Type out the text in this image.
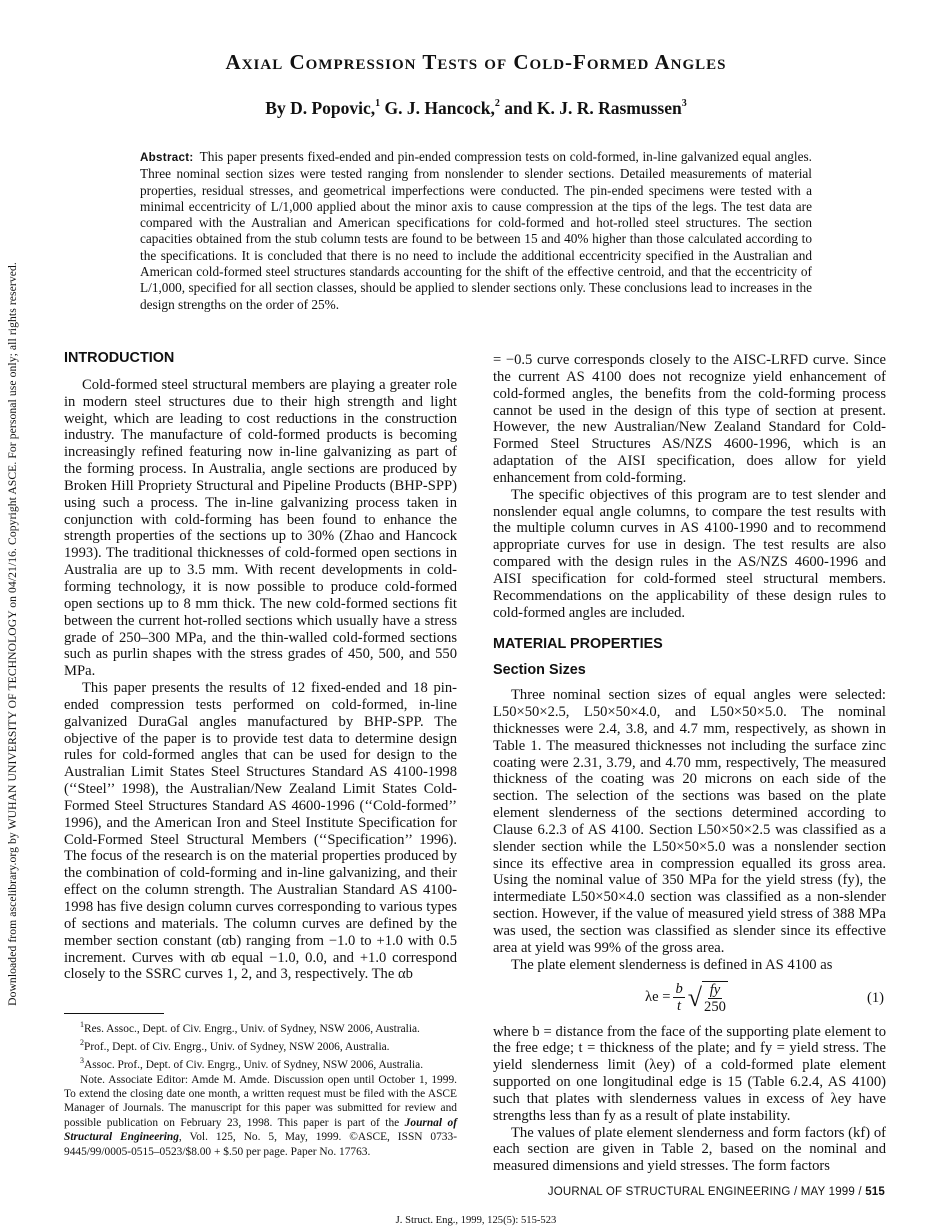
Downloaded from ascelibrary.org by WUHAN UNIVERSITY OF TECHNOLOGY on 04/21/16. Copyright ASCE. For personal use only; all rights reserved.
Axial Compression Tests of Cold-Formed Angles
By D. Popovic,$^1$ G. J. Hancock,$^2$ and K. J. R. Rasmussen$^3$
Abstract: This paper presents fixed-ended and pin-ended compression tests on cold-formed, in-line galvanized equal angles. Three nominal section sizes were tested ranging from nonslender to slender sections. Detailed measurements of material properties, residual stresses, and geometrical imperfections were conducted. The pin-ended specimens were tested with a minimal eccentricity of L/1,000 applied about the minor axis to cause compression at the tips of the legs. The test data are compared with the Australian and American specifications for cold-formed and hot-rolled steel structures. The section capacities obtained from the stub column tests are found to be between 15 and 40% higher than those calculated according to the specifications. It is concluded that there is no need to include the additional eccentricity specified in the Australian and American cold-formed steel structures standards accounting for the shift of the effective centroid, and that the eccentricity of L/1,000, specified for all section classes, should be applied to slender sections only. These conclusions lead to increases in the design strengths on the order of 25%.
INTRODUCTION

Cold-formed steel structural members are playing a greater role in modern steel structures due to their high strength and light weight, which are leading to cost reductions in the construction industry. The manufacture of cold-formed products is becoming increasingly refined featuring now in-line galvanizing as part of the forming process. In Australia, angle sections are produced by Broken Hill Propriety Structural and Pipeline Products (BHP-SPP) using such a process. The in-line galvanizing process taken in conjunction with cold-forming has been found to enhance the strength properties of the sections up to 30% (Zhao and Hancock 1993). The traditional thicknesses of cold-formed open sections in Australia are up to 3.5 mm. With recent developments in cold-forming technology, it is now possible to produce cold-formed open sections up to 8 mm thick. The new cold-formed sections fit between the current hot-rolled sections which usually have a stress grade of 250–300 MPa, and the thin-walled cold-formed sections such as purlin shapes with the stress grades of 450, 500, and 550 MPa.

This paper presents the results of 12 fixed-ended and 18 pin-ended compression tests performed on cold-formed, in-line galvanized DuraGal angles manufactured by BHP-SPP. The objective of the paper is to provide test data to determine design rules for cold-formed angles that can be used for design to the Australian Limit States Steel Structures Standard AS 4100-1998 (‘‘Steel’’ 1998), the Australian/New Zealand Limit States Cold-Formed Steel Structures Standard AS 4600-1996 (‘‘Cold-formed’’ 1996), and the American Iron and Steel Institute Specification for Cold-Formed Steel Structural Members (‘‘Specification’’ 1996). The focus of the research is on the material properties produced by the combination of cold-forming and in-line galvanizing, and their effect on the column strength. The Australian Standard AS 4100-1998 has five design column curves corresponding to various types of sections and materials. The column curves are defined by the member section constant (αb) ranging from −1.0 to +1.0 with 0.5 increment. Curves with αb equal −1.0, 0.0, and +1.0 correspond closely to the SSRC curves 1, 2, and 3, respectively. The αb

$^1$Res. Assoc., Dept. of Civ. Engrg., Univ. of Sydney, NSW 2006, Australia.

$^2$Prof., Dept. of Civ. Engrg., Univ. of Sydney, NSW 2006, Australia.

$^3$Assoc. Prof., Dept. of Civ. Engrg., Univ. of Sydney, NSW 2006, Australia.

Note. Associate Editor: Amde M. Amde. Discussion open until October 1, 1999. To extend the closing date one month, a written request must be filed with the ASCE Manager of Journals. The manuscript for this paper was submitted for review and possible publication on February 23, 1998. This paper is part of the Journal of Structural Engineering, Vol. 125, No. 5, May, 1999. ©ASCE, ISSN 0733-9445/99/0005-0515–0523/$8.00 + $.50 per page. Paper No. 17763.

= −0.5 curve corresponds closely to the AISC-LRFD curve. Since the current AS 4100 does not recognize yield enhancement of cold-formed angles, the benefits from the cold-forming process cannot be used in the design of this type of section at present. However, the new Australian/New Zealand Standard for Cold-Formed Steel Structures AS/NZS 4600-1996, which is an adaptation of the AISI specification, does allow for yield enhancement from cold-forming.

The specific objectives of this program are to test slender and nonslender equal angle columns, to compare the test results with the multiple column curves in AS 4100-1990 and to recommend appropriate curves for use in design. The test results are also compared with the design rules in the AS/NZS 4600-1996 and AISI specification for cold-formed steel structural members. Recommendations on the applicability of these design rules to cold-formed angles are included.

MATERIAL PROPERTIES
Section Sizes

Three nominal section sizes of equal angles were selected: L50×50×2.5, L50×50×4.0, and L50×50×5.0. The nominal thicknesses were 2.4, 3.8, and 4.7 mm, respectively, as shown in Table 1. The measured thicknesses not including the surface zinc coating were 2.31, 3.79, and 4.70 mm, respectively, The measured thickness of the coating was 20 microns on each side of the section. The selection of the sections was based on the plate element slenderness of the sections determined according to Clause 6.2.3 of AS 4100. Section L50×50×2.5 was classified as a slender section while the L50×50×5.0 was a nonslender section since its effective area in compression equalled its gross area. Using the nominal value of 350 MPa for the yield stress (fy), the intermediate L50×50×4.0 section was classified as a non-slender section. However, if the value of measured yield stress of 388 MPa was used, the section was classified as slender since its effective area at yield was 99% of the gross area.

The plate element slenderness is defined in AS 4100 as

$\lambda e = \frac{b}{t}$ √ $\frac{fy}{250}$	(1)

where b = distance from the face of the supporting plate element to the free edge; t = thickness of the plate; and fy = yield stress. The yield slenderness limit (λey) of a cold-formed plate element supported on one longitudinal edge is 15 (Table 6.2.4, AS 4100) such that plates with slenderness values in excess of λey have strengths less than fy as a result of plate instability.

The values of plate element slenderness and form factors (kf) of each section are given in Table 2, based on the nominal and measured dimensions and yield stresses. The form factors

JOURNAL OF STRUCTURAL ENGINEERING / MAY 1999 / 515
J. Struct. Eng., 1999, 125(5): 515-523
